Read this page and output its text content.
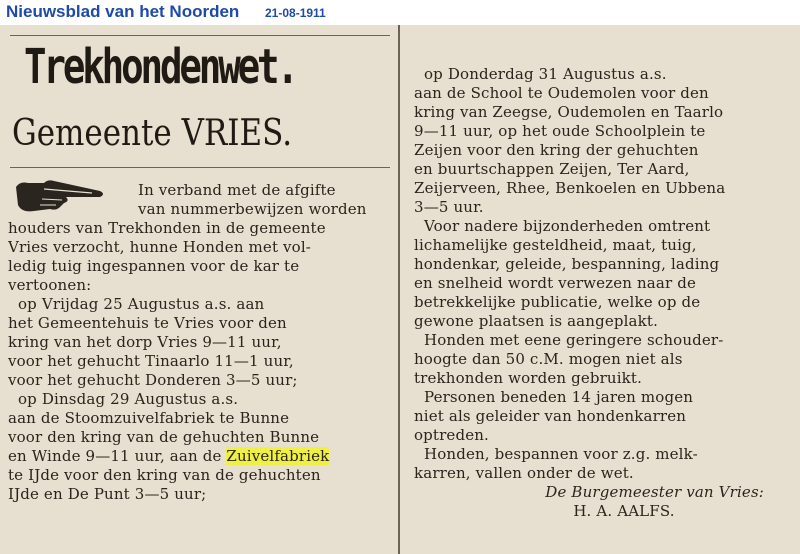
Nieuwsblad van het Noorden 21-08-1911
Trekhondenwet.
Gemeente VRIES.
In verband met de afgifte
van nummerbewijzen worden
houders van Trekhonden in de gemeente
Vries verzocht, hunne Honden met vol-
ledig tuig ingespannen voor de kar te
vertoonen:
op Vrijdag 25 Augustus a.s. aan
het Gemeentehuis te Vries voor den
kring van het dorp Vries 9—11 uur,
voor het gehucht Tinaarlo 11—1 uur,
voor het gehucht Donderen 3—5 uur;
op Dinsdag 29 Augustus a.s.
aan de Stoomzuivelfabriek te Bunne
voor den kring van de gehuchten Bunne
en Winde 9—11 uur, aan de Zuivelfabriek
te IJde voor den kring van de gehuchten
IJde en De Punt 3—5 uur;
op Donderdag 31 Augustus a.s.
aan de School te Oudemolen voor den
kring van Zeegse, Oudemolen en Taarlo
9—11 uur, op het oude Schoolplein te
Zeijen voor den kring der gehuchten
en buurtschappen Zeijen, Ter Aard,
Zeijerveen, Rhee, Benkoelen en Ubbena
3—5 uur.
Voor nadere bijzonderheden omtrent
lichamelijke gesteldheid, maat, tuig,
hondenkar, geleide, bespanning, lading
en snelheid wordt verwezen naar de
betrekkelijke publicatie, welke op de
gewone plaatsen is aangeplakt.
Honden met eene geringere schouder-
hoogte dan 50 c.M. mogen niet als
trekhonden worden gebruikt.
Personen beneden 14 jaren mogen
niet als geleider van hondenkarren
optreden.
Honden, bespannen voor z.g. melk-
karren, vallen onder de wet.
De Burgemeester van Vries:
H. A. AALFS.
